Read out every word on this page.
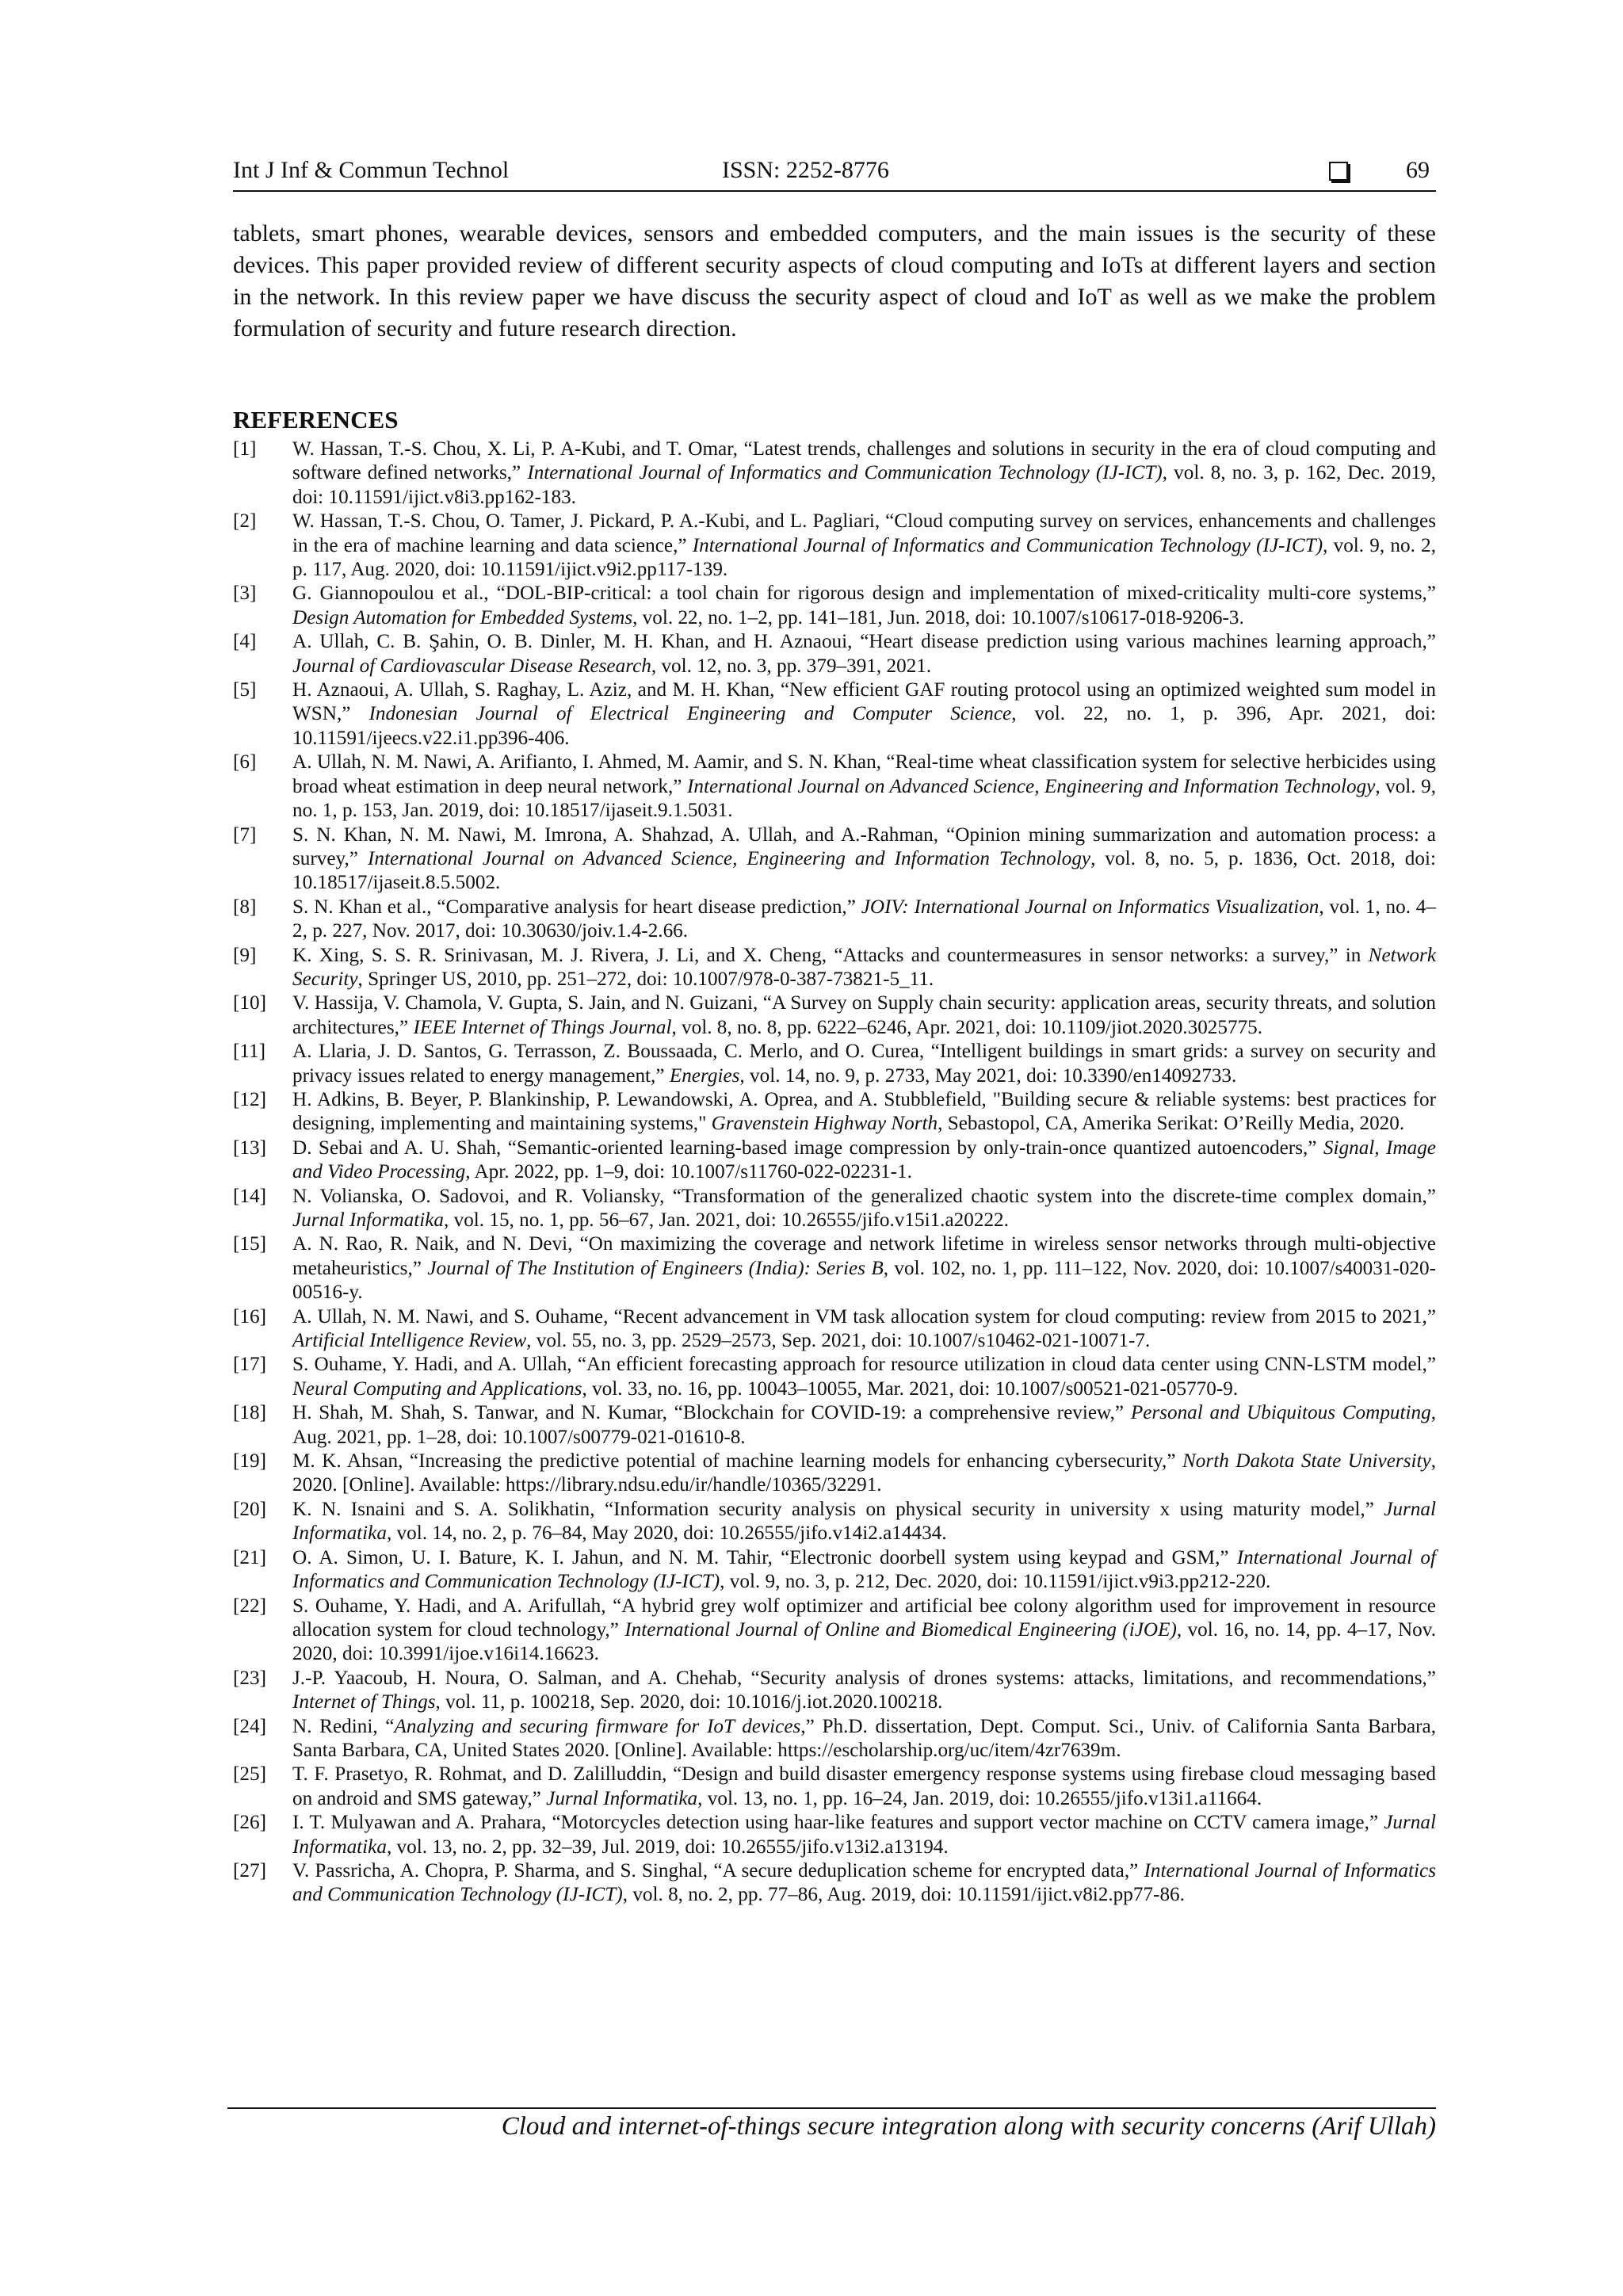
Int J Inf & Commun Technol	ISSN: 2252-8776	69
tablets, smart phones, wearable devices, sensors and embedded computers, and the main issues is the security of these devices. This paper provided review of different security aspects of cloud computing and IoTs at different layers and section in the network. In this review paper we have discuss the security aspect of cloud and IoT as well as we make the problem formulation of security and future research direction.
REFERENCES
[1] W. Hassan, T.-S. Chou, X. Li, P. A-Kubi, and T. Omar, “Latest trends, challenges and solutions in security in the era of cloud computing and software defined networks,” International Journal of Informatics and Communication Technology (IJ-ICT), vol. 8, no. 3, p. 162, Dec. 2019, doi: 10.11591/ijict.v8i3.pp162-183.
[2] W. Hassan, T.-S. Chou, O. Tamer, J. Pickard, P. A.-Kubi, and L. Pagliari, “Cloud computing survey on services, enhancements and challenges in the era of machine learning and data science,” International Journal of Informatics and Communication Technology (IJ-ICT), vol. 9, no. 2, p. 117, Aug. 2020, doi: 10.11591/ijict.v9i2.pp117-139.
[3] G. Giannopoulou et al., “DOL-BIP-critical: a tool chain for rigorous design and implementation of mixed-criticality multi-core systems,” Design Automation for Embedded Systems, vol. 22, no. 1–2, pp. 141–181, Jun. 2018, doi: 10.1007/s10617-018-9206-3.
[4] A. Ullah, C. B. Şahin, O. B. Dinler, M. H. Khan, and H. Aznaoui, “Heart disease prediction using various machines learning approach,” Journal of Cardiovascular Disease Research, vol. 12, no. 3, pp. 379–391, 2021.
[5] H. Aznaoui, A. Ullah, S. Raghay, L. Aziz, and M. H. Khan, “New efficient GAF routing protocol using an optimized weighted sum model in WSN,” Indonesian Journal of Electrical Engineering and Computer Science, vol. 22, no. 1, p. 396, Apr. 2021, doi: 10.11591/ijeecs.v22.i1.pp396-406.
[6] A. Ullah, N. M. Nawi, A. Arifianto, I. Ahmed, M. Aamir, and S. N. Khan, “Real-time wheat classification system for selective herbicides using broad wheat estimation in deep neural network,” International Journal on Advanced Science, Engineering and Information Technology, vol. 9, no. 1, p. 153, Jan. 2019, doi: 10.18517/ijaseit.9.1.5031.
[7] S. N. Khan, N. M. Nawi, M. Imrona, A. Shahzad, A. Ullah, and A.-Rahman, “Opinion mining summarization and automation process: a survey,” International Journal on Advanced Science, Engineering and Information Technology, vol. 8, no. 5, p. 1836, Oct. 2018, doi: 10.18517/ijaseit.8.5.5002.
[8] S. N. Khan et al., “Comparative analysis for heart disease prediction,” JOIV: International Journal on Informatics Visualization, vol. 1, no. 4–2, p. 227, Nov. 2017, doi: 10.30630/joiv.1.4-2.66.
[9] K. Xing, S. S. R. Srinivasan, M. J. Rivera, J. Li, and X. Cheng, “Attacks and countermeasures in sensor networks: a survey,” in Network Security, Springer US, 2010, pp. 251–272, doi: 10.1007/978-0-387-73821-5_11.
[10] V. Hassija, V. Chamola, V. Gupta, S. Jain, and N. Guizani, “A Survey on Supply chain security: application areas, security threats, and solution architectures,” IEEE Internet of Things Journal, vol. 8, no. 8, pp. 6222–6246, Apr. 2021, doi: 10.1109/jiot.2020.3025775.
[11] A. Llaria, J. D. Santos, G. Terrasson, Z. Boussaada, C. Merlo, and O. Curea, “Intelligent buildings in smart grids: a survey on security and privacy issues related to energy management,” Energies, vol. 14, no. 9, p. 2733, May 2021, doi: 10.3390/en14092733.
[12] H. Adkins, B. Beyer, P. Blankinship, P. Lewandowski, A. Oprea, and A. Stubblefield, "Building secure & reliable systems: best practices for designing, implementing and maintaining systems," Gravenstein Highway North, Sebastopol, CA, Amerika Serikat: O’Reilly Media, 2020.
[13] D. Sebai and A. U. Shah, “Semantic-oriented learning-based image compression by only-train-once quantized autoencoders,” Signal, Image and Video Processing, Apr. 2022, pp. 1–9, doi: 10.1007/s11760-022-02231-1.
[14] N. Volianska, O. Sadovoi, and R. Voliansky, “Transformation of the generalized chaotic system into the discrete-time complex domain,” Jurnal Informatika, vol. 15, no. 1, pp. 56–67, Jan. 2021, doi: 10.26555/jifo.v15i1.a20222.
[15] A. N. Rao, R. Naik, and N. Devi, “On maximizing the coverage and network lifetime in wireless sensor networks through multi-objective metaheuristics,” Journal of The Institution of Engineers (India): Series B, vol. 102, no. 1, pp. 111–122, Nov. 2020, doi: 10.1007/s40031-020-00516-y.
[16] A. Ullah, N. M. Nawi, and S. Ouhame, “Recent advancement in VM task allocation system for cloud computing: review from 2015 to 2021,” Artificial Intelligence Review, vol. 55, no. 3, pp. 2529–2573, Sep. 2021, doi: 10.1007/s10462-021-10071-7.
[17] S. Ouhame, Y. Hadi, and A. Ullah, “An efficient forecasting approach for resource utilization in cloud data center using CNN-LSTM model,” Neural Computing and Applications, vol. 33, no. 16, pp. 10043–10055, Mar. 2021, doi: 10.1007/s00521-021-05770-9.
[18] H. Shah, M. Shah, S. Tanwar, and N. Kumar, “Blockchain for COVID-19: a comprehensive review,” Personal and Ubiquitous Computing, Aug. 2021, pp. 1–28, doi: 10.1007/s00779-021-01610-8.
[19] M. K. Ahsan, “Increasing the predictive potential of machine learning models for enhancing cybersecurity,” North Dakota State University, 2020. [Online]. Available: https://library.ndsu.edu/ir/handle/10365/32291.
[20] K. N. Isnaini and S. A. Solikhatin, “Information security analysis on physical security in university x using maturity model,” Jurnal Informatika, vol. 14, no. 2, p. 76–84, May 2020, doi: 10.26555/jifo.v14i2.a14434.
[21] O. A. Simon, U. I. Bature, K. I. Jahun, and N. M. Tahir, “Electronic doorbell system using keypad and GSM,” International Journal of Informatics and Communication Technology (IJ-ICT), vol. 9, no. 3, p. 212, Dec. 2020, doi: 10.11591/ijict.v9i3.pp212-220.
[22] S. Ouhame, Y. Hadi, and A. Arifullah, “A hybrid grey wolf optimizer and artificial bee colony algorithm used for improvement in resource allocation system for cloud technology,” International Journal of Online and Biomedical Engineering (iJOE), vol. 16, no. 14, pp. 4–17, Nov. 2020, doi: 10.3991/ijoe.v16i14.16623.
[23] J.-P. Yaacoub, H. Noura, O. Salman, and A. Chehab, “Security analysis of drones systems: attacks, limitations, and recommendations,” Internet of Things, vol. 11, p. 100218, Sep. 2020, doi: 10.1016/j.iot.2020.100218.
[24] N. Redini, “Analyzing and securing firmware for IoT devices,” Ph.D. dissertation, Dept. Comput. Sci., Univ. of California Santa Barbara, Santa Barbara, CA, United States 2020. [Online]. Available: https://escholarship.org/uc/item/4zr7639m.
[25] T. F. Prasetyo, R. Rohmat, and D. Zalilluddin, “Design and build disaster emergency response systems using firebase cloud messaging based on android and SMS gateway,” Jurnal Informatika, vol. 13, no. 1, pp. 16–24, Jan. 2019, doi: 10.26555/jifo.v13i1.a11664.
[26] I. T. Mulyawan and A. Prahara, “Motorcycles detection using haar-like features and support vector machine on CCTV camera image,” Jurnal Informatika, vol. 13, no. 2, pp. 32–39, Jul. 2019, doi: 10.26555/jifo.v13i2.a13194.
[27] V. Passricha, A. Chopra, P. Sharma, and S. Singhal, “A secure deduplication scheme for encrypted data,” International Journal of Informatics and Communication Technology (IJ-ICT), vol. 8, no. 2, pp. 77–86, Aug. 2019, doi: 10.11591/ijict.v8i2.pp77-86.
Cloud and internet-of-things secure integration along with security concerns (Arif Ullah)
